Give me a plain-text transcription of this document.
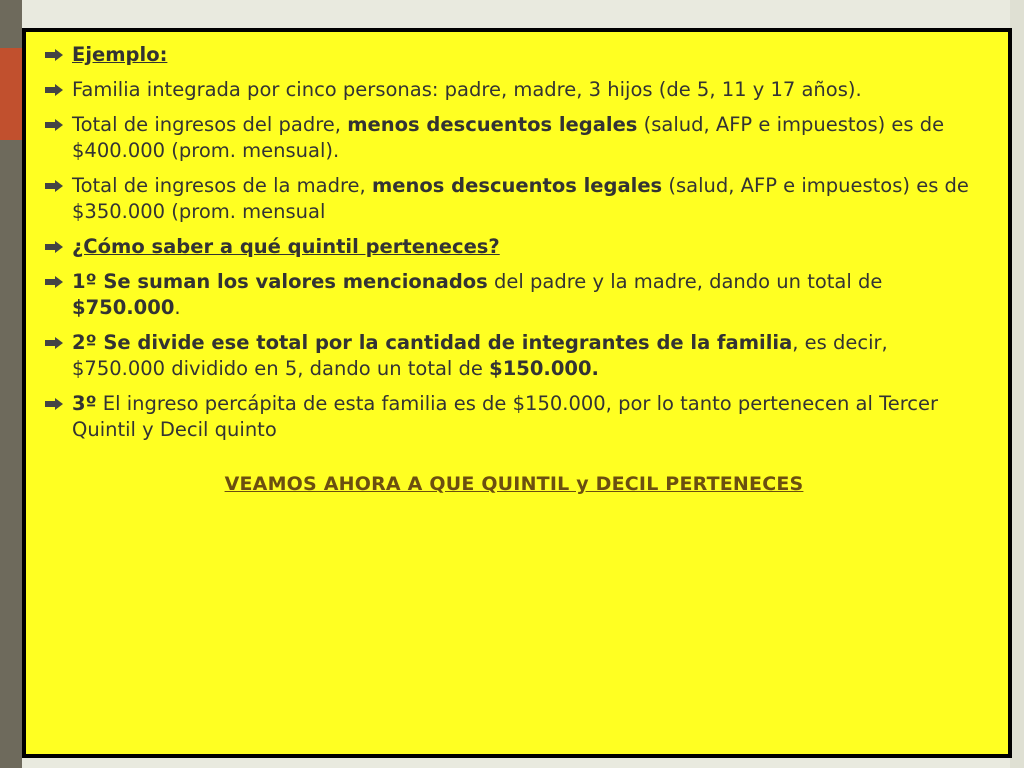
Ejemplo:
Familia integrada por cinco personas: padre, madre, 3 hijos (de 5, 11 y 17 años).
Total de ingresos del padre, menos descuentos legales (salud, AFP e impuestos) es de $400.000 (prom. mensual).
Total de ingresos de la madre, menos descuentos legales (salud, AFP e impuestos) es de $350.000 (prom. mensual
¿Cómo saber a qué quintil perteneces?
1º Se suman los valores mencionados del padre y la madre, dando un total de $750.000.
2º Se divide ese total por la cantidad de integrantes de la familia, es decir, $750.000 dividido en 5, dando un total de $150.000.
3º El ingreso percápita de esta familia es de $150.000, por lo tanto pertenecen al Tercer Quintil y Decil quinto
VEAMOS AHORA A QUE QUINTIL y DECIL PERTENECES
